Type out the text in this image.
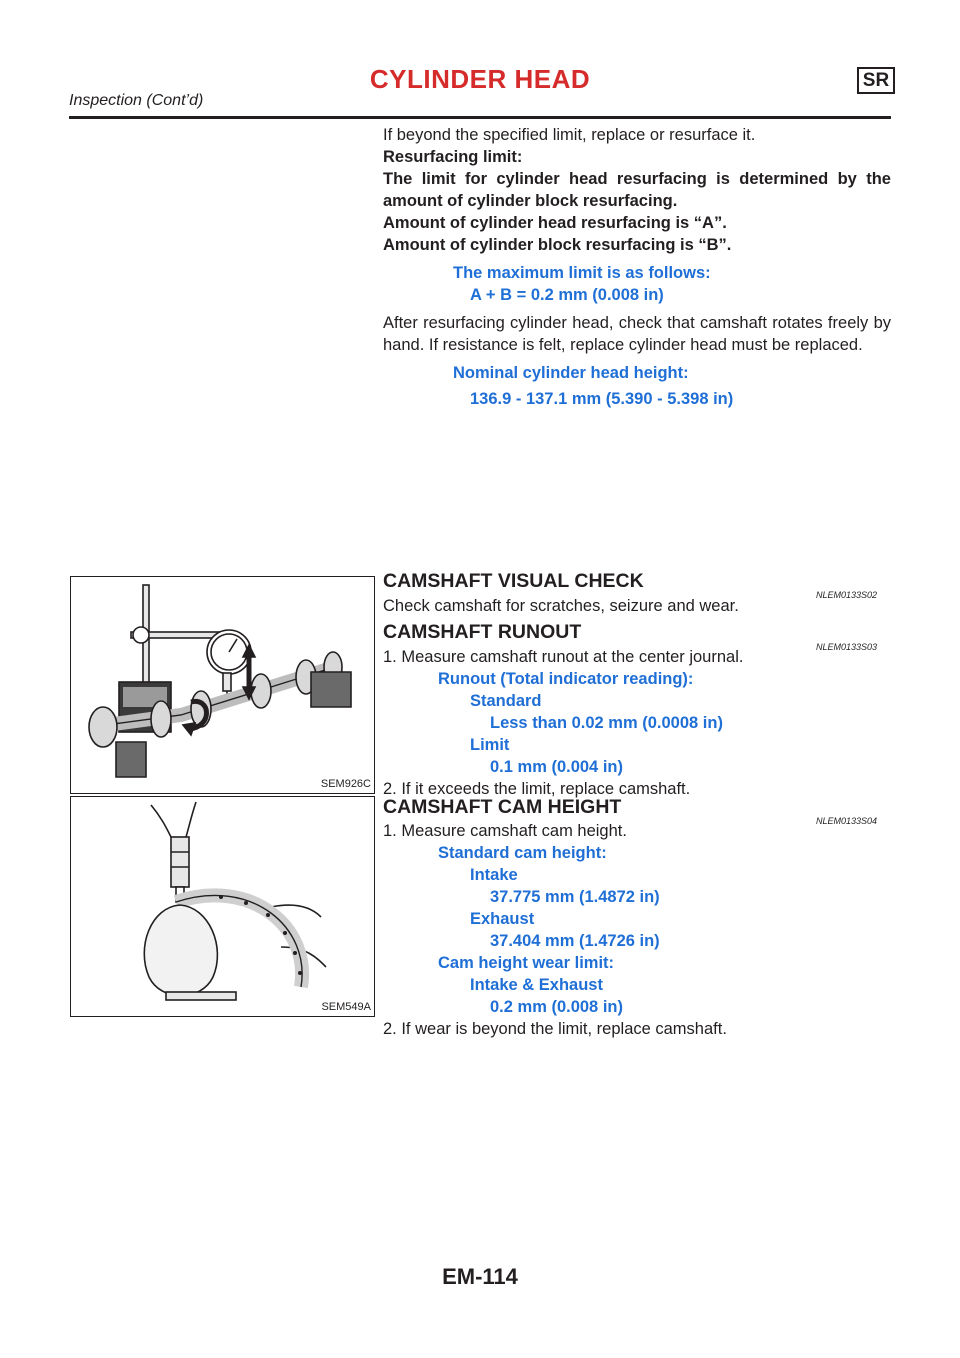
CYLINDER HEAD	SR
Inspection (Cont’d)

If beyond the specified limit, replace or resurface it.

Resurfacing limit:

The limit for cylinder head resurfacing is determined by the amount of cylinder block resurfacing.

Amount of cylinder head resurfacing is “A”.

Amount of cylinder block resurfacing is “B”.

The maximum limit is as follows:

A + B = 0.2 mm (0.008 in)

After resurfacing cylinder head, check that camshaft rotates freely by hand. If resistance is felt, replace cylinder head must be replaced.

Nominal cylinder head height:

136.9 - 137.1 mm (5.390 - 5.398 in)

SEM926C
SEM549A
CAMSHAFT VISUAL CHECK
NLEM0133S02

Check camshaft for scratches, seizure and wear.

CAMSHAFT RUNOUT
NLEM0133S03

1. Measure camshaft runout at the center journal.

Runout (Total indicator reading):

Standard

Less than 0.02 mm (0.0008 in)

Limit

0.1 mm (0.004 in)

2. If it exceeds the limit, replace camshaft.

CAMSHAFT CAM HEIGHT
NLEM0133S04

1. Measure camshaft cam height.

Standard cam height:

Intake

37.775 mm (1.4872 in)

Exhaust

37.404 mm (1.4726 in)

Cam height wear limit:

Intake & Exhaust

0.2 mm (0.008 in)

2. If wear is beyond the limit, replace camshaft.

EM-114
